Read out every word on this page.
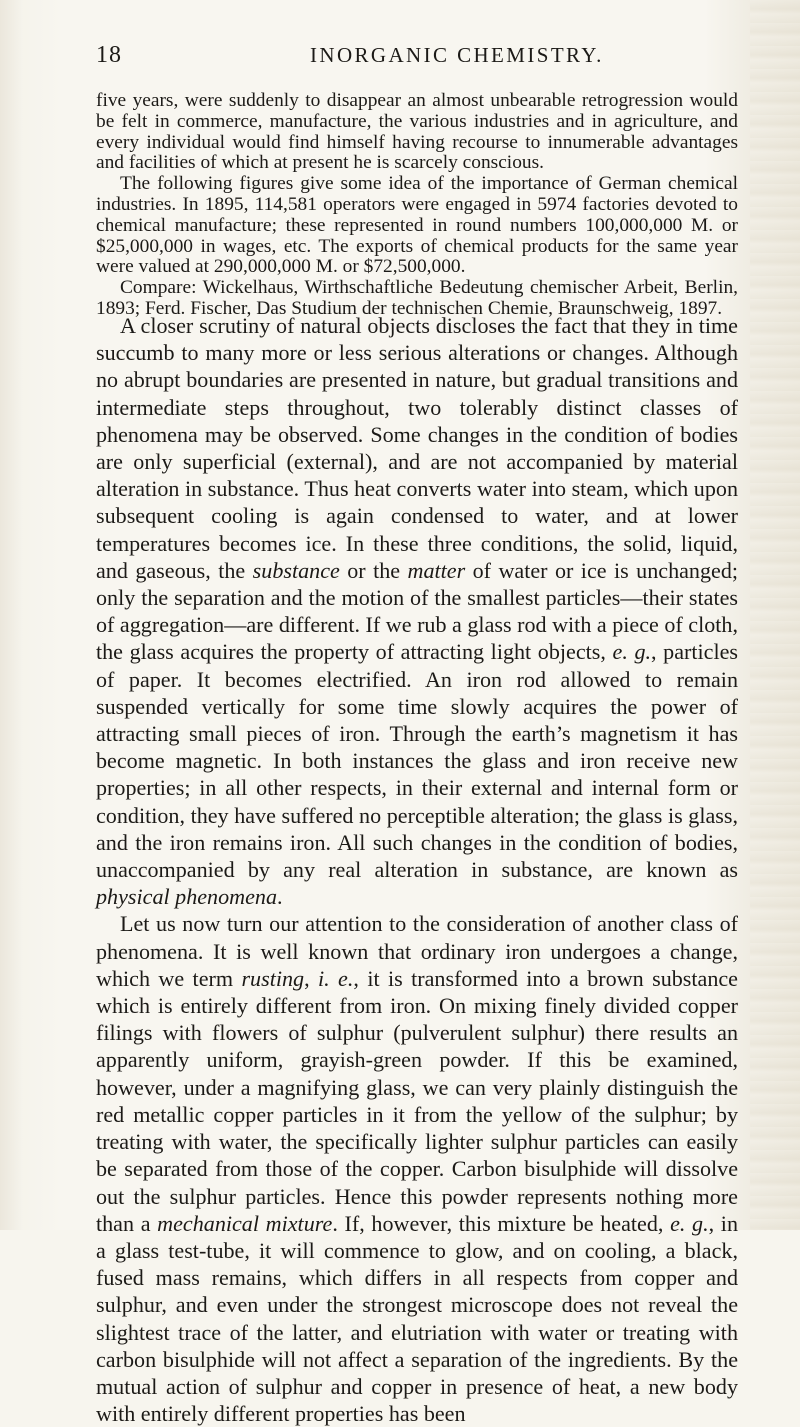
18	INORGANIC CHEMISTRY.

five years, were suddenly to disappear an almost unbearable retrogression would be felt in commerce, manufacture, the various industries and in agriculture, and every individual would find himself having recourse to innumerable advantages and facilities of which at present he is scarcely conscious.

The following figures give some idea of the importance of German chemical industries. In 1895, 114,581 operators were engaged in 5974 factories devoted to chemical manufacture; these represented in round numbers 100,000,000 M. or $25,000,000 in wages, etc. The exports of chemical products for the same year were valued at 290,000,000 M. or $72,500,000.

Compare: Wickelhaus, Wirthschaftliche Bedeutung chemischer Arbeit, Berlin, 1893; Ferd. Fischer, Das Studium der technischen Chemie, Braunschweig, 1897.

A closer scrutiny of natural objects discloses the fact that they in time succumb to many more or less serious alterations or changes. Although no abrupt boundaries are presented in nature, but gradual transitions and intermediate steps throughout, two tolerably distinct classes of phenomena may be observed. Some changes in the condition of bodies are only superficial (external), and are not accompanied by material alteration in substance. Thus heat converts water into steam, which upon subsequent cooling is again condensed to water, and at lower temperatures becomes ice. In these three conditions, the solid, liquid, and gaseous, the substance or the matter of water or ice is unchanged; only the separation and the motion of the smallest particles—their states of aggregation—are different. If we rub a glass rod with a piece of cloth, the glass acquires the property of attracting light objects, e. g., particles of paper. It becomes electrified. An iron rod allowed to remain suspended vertically for some time slowly acquires the power of attracting small pieces of iron. Through the earth’s magnetism it has become magnetic. In both instances the glass and iron receive new properties; in all other respects, in their external and internal form or condition, they have suffered no perceptible alteration; the glass is glass, and the iron remains iron. All such changes in the condition of bodies, unaccompanied by any real alteration in substance, are known as physical phenomena.

Let us now turn our attention to the consideration of another class of phenomena. It is well known that ordinary iron undergoes a change, which we term rusting, i. e., it is transformed into a brown substance which is entirely different from iron. On mixing finely divided copper filings with flowers of sulphur (pulverulent sulphur) there results an apparently uniform, grayish-green powder. If this be examined, however, under a magnifying glass, we can very plainly distinguish the red metallic copper particles in it from the yellow of the sulphur; by treating with water, the specifically lighter sulphur particles can easily be separated from those of the copper. Carbon bisulphide will dissolve out the sulphur particles. Hence this powder represents nothing more than a mechanical mixture. If, however, this mixture be heated, e. g., in a glass test-tube, it will commence to glow, and on cooling, a black, fused mass remains, which differs in all respects from copper and sulphur, and even under the strongest microscope does not reveal the slightest trace of the latter, and elutriation with water or treating with carbon bisulphide will not affect a separation of the ingredients. By the mutual action of sulphur and copper in presence of heat, a new body with entirely different properties has been
